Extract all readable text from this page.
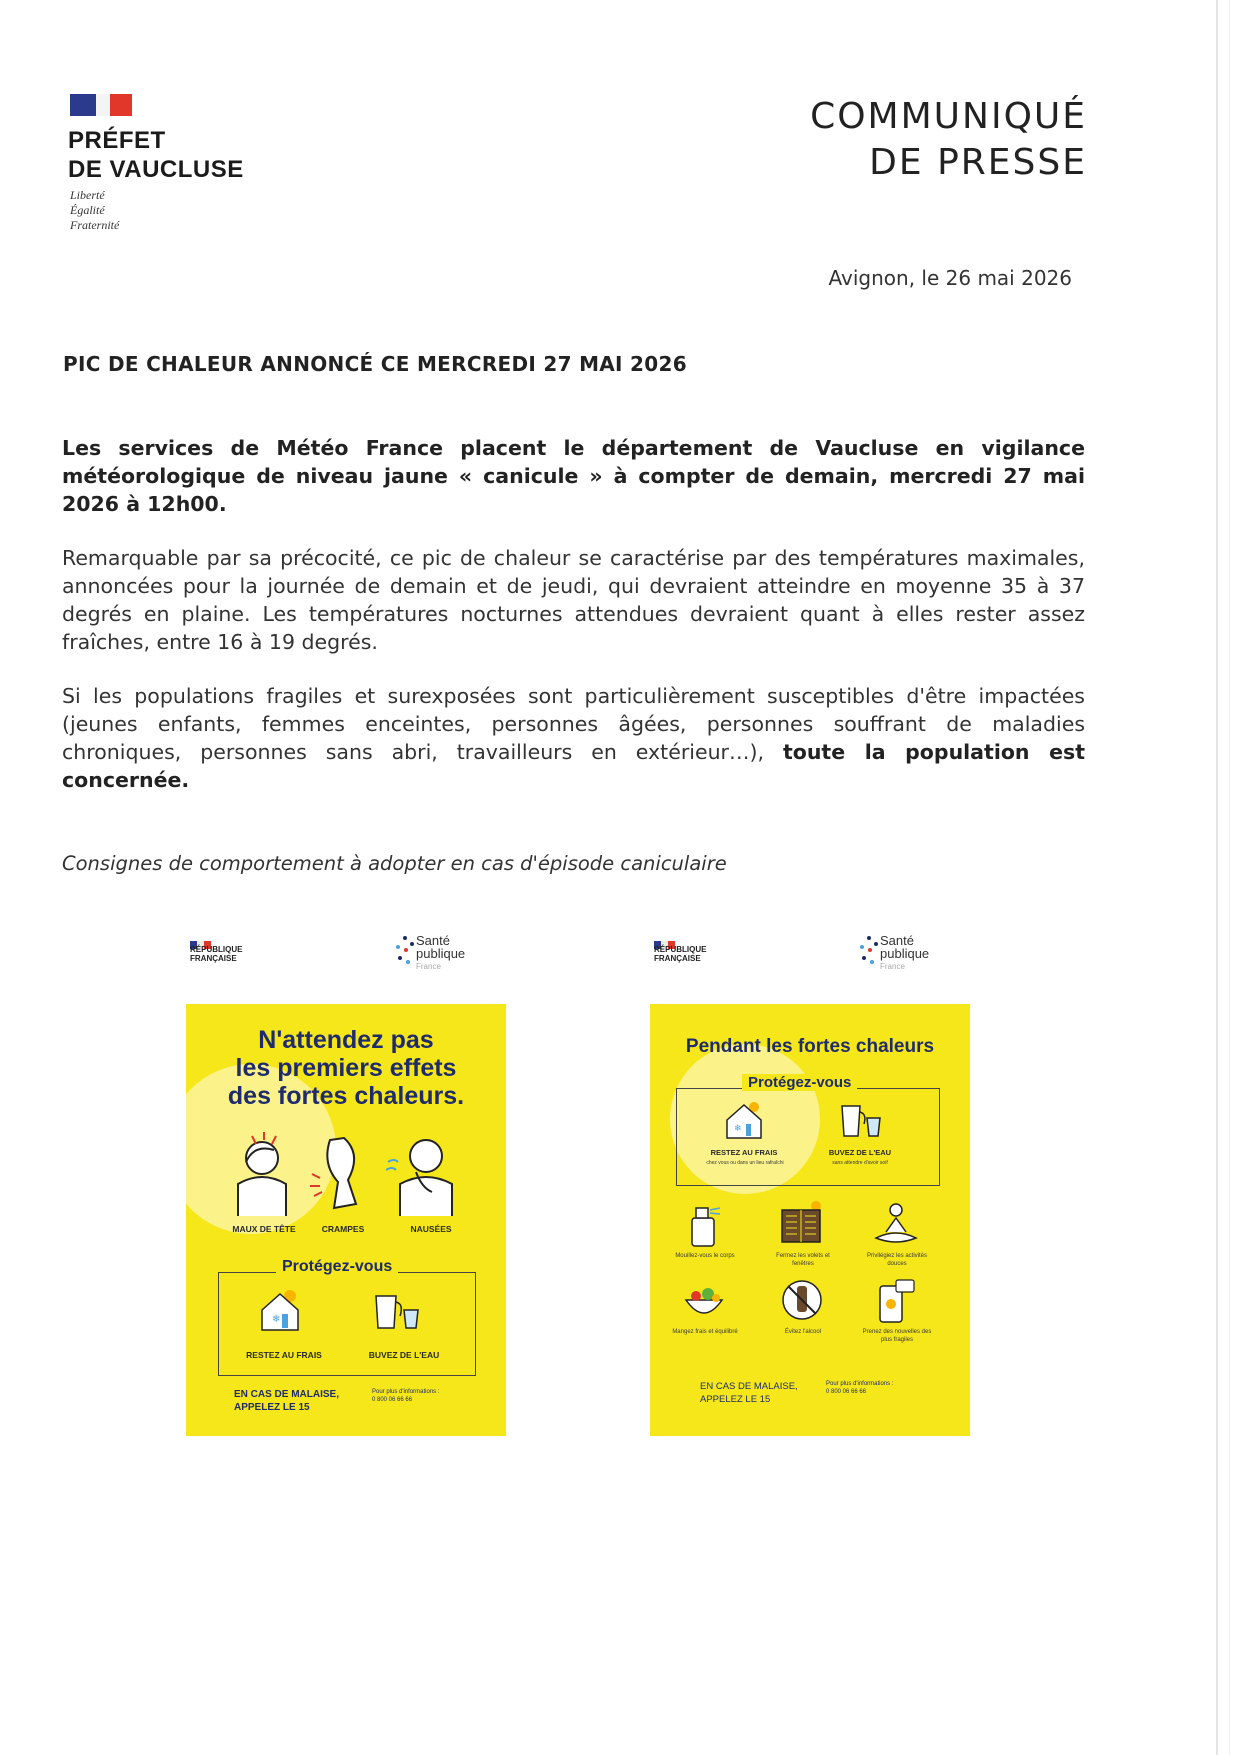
PRÉFET
DE VAUCLUSE
Liberté
Égalité
Fraternité
COMMUNIQUÉ
DE PRESSE
Avignon, le 26 mai 2026
PIC DE CHALEUR ANNONCÉ CE MERCREDI 27 MAI 2026
Les services de Météo France placent le département de Vaucluse en vigilance météorologique de niveau jaune « canicule » à compter de demain, mercredi 27 mai 2026 à 12h00.
Remarquable par sa précocité, ce pic de chaleur se caractérise par des températures maximales, annoncées pour la journée de demain et de jeudi, qui devraient atteindre en moyenne 35 à 37 degrés en plaine. Les températures nocturnes attendues devraient quant à elles rester assez fraîches, entre 16 à 19 degrés.
Si les populations fragiles et surexposées sont particulièrement susceptibles d'être impactées (jeunes enfants, femmes enceintes, personnes âgées, personnes souffrant de maladies chroniques, personnes sans abri, travailleurs en extérieur…), toute la population est concernée.
Consignes de comportement à adopter en cas d'épisode caniculaire
RÉPUBLIQUE
FRANÇAISE
Santé
publique
France
N'attendez pas
les premiers effets
des fortes chaleurs.
MAUX DE TÊTE	CRAMPES	NAUSÉES
Protégez-vous
❄
RESTEZ AU FRAIS	BUVEZ DE L'EAU
EN CAS DE MALAISE,
APPELEZ LE 15
Pour plus d'informations :
0 800 06 66 66
RÉPUBLIQUE
FRANÇAISE
Santé
publique
France
Pendant les fortes chaleurs
Protégez-vous
❄
RESTEZ AU FRAIS	BUVEZ DE L'EAU
chez vous ou dans un lieu rafraîchi	sans attendre d'avoir soif
Mouillez-vous le corps	Fermez les volets et fenêtres
Privilégiez les activités douces
Mangez frais et équilibré	Évitez l'alcool	Prenez des nouvelles des plus fragiles
EN CAS DE MALAISE,
APPELEZ LE 15
Pour plus d'informations :
0 800 06 66 66
